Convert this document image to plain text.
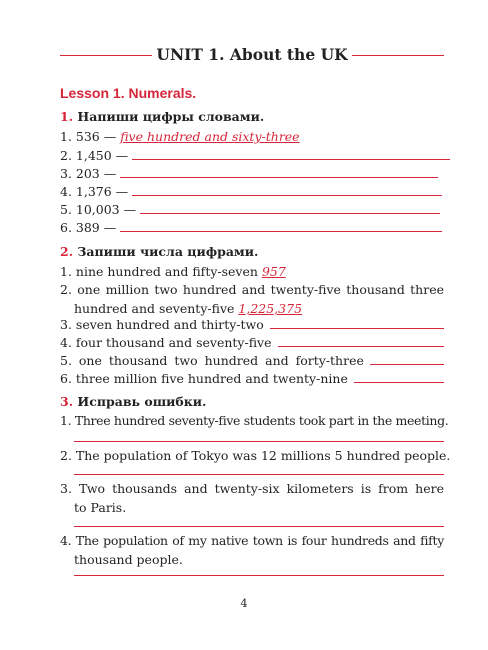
UNIT 1. About the UK
Lesson 1. Numerals.
1. Напиши цифры словами.
1. 536 — five hundred and sixty-three
2. 1,450 —
3. 203 —
4. 1,376 —
5. 10,003 —
6. 389 —
2. Запиши числа цифрами.
1. nine hundred and fifty-seven 957
2. one million two hundred and twenty-five thousand three
hundred and seventy-five 1,225,375
3. seven hundred and thirty-two
4. four thousand and seventy-five
5. one thousand two hundred and forty-three
6. three million five hundred and twenty-nine
3. Исправь ошибки.
1. Three hundred seventy-five students took part in the meeting.
2. The population of Tokyo was 12 millions 5 hundred people.
3. Two thousands and twenty-six kilometers is from here
to Paris.
4. The population of my native town is four hundreds and fifty
thousand people.
4
